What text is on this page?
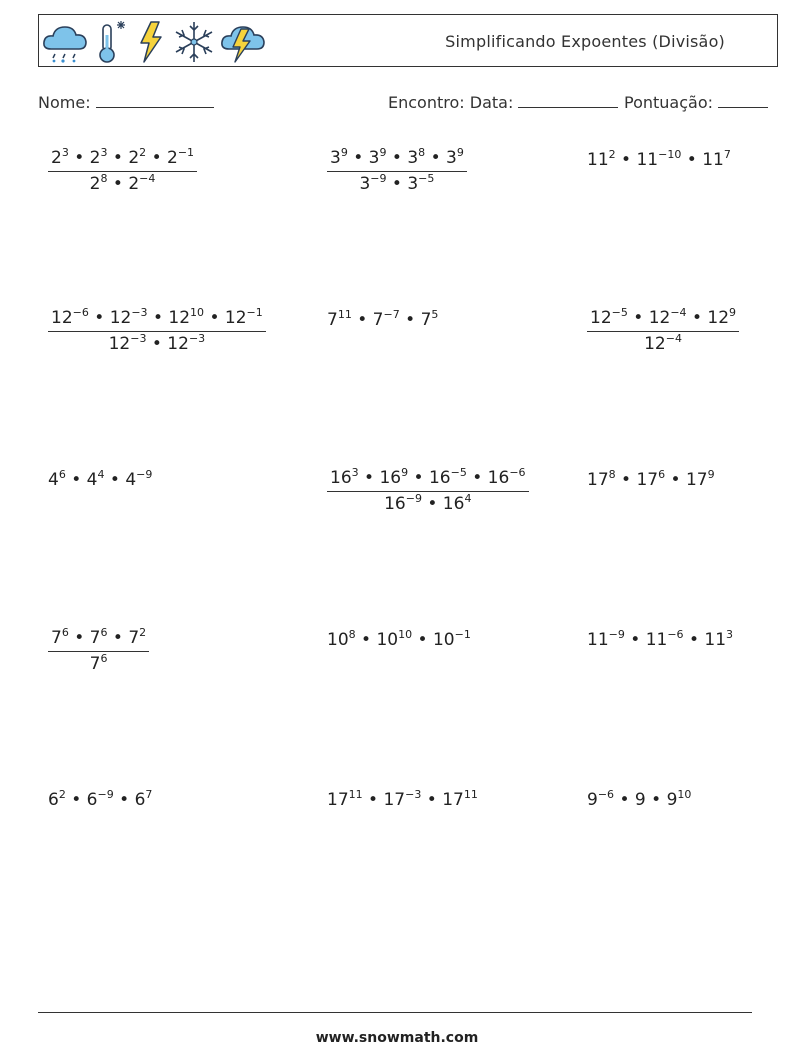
Simplificando Expoentes (Divisão)
Nome:	Encontro: Data:	Pontuação:
$\frac{2^3 • 2^3 • 2^2 • 2^{-1}}{2^8 • 2^{-4}}$	$\frac{3^9 • 3^9 • 3^8 • 3^9}{3^{-9} • 3^{-5}}$	$11^2$ • $11^{-10}$ • $11^7$
$\frac{12^{-6} • 12^{-3} • 12^{10} • 12^{-1}}{12^{-3} • 12^{-3}}$	$7^{11}$ • $7^{-7}$ • $7^5$	$\frac{12^{-5} • 12^{-4} • 12^9}{12^{-4}}$
$4^6$ • $4^4$ • $4^{-9}$	$\frac{16^3 • 16^9 • 16^{-5} • 16^{-6}}{16^{-9} • 16^4}$	$17^8$ • $17^6$ • $17^9$
$\frac{7^6 • 7^6 • 7^2}{7^6}$	$10^8$ • $10^{10}$ • $10^{-1}$	$11^{-9}$ • $11^{-6}$ • $11^3$
$6^2$ • $6^{-9}$ • $6^7$	$17^{11}$ • $17^{-3}$ • $17^{11}$	$9^{-6}$ • 9 • $9^{10}$
www.snowmath.com
